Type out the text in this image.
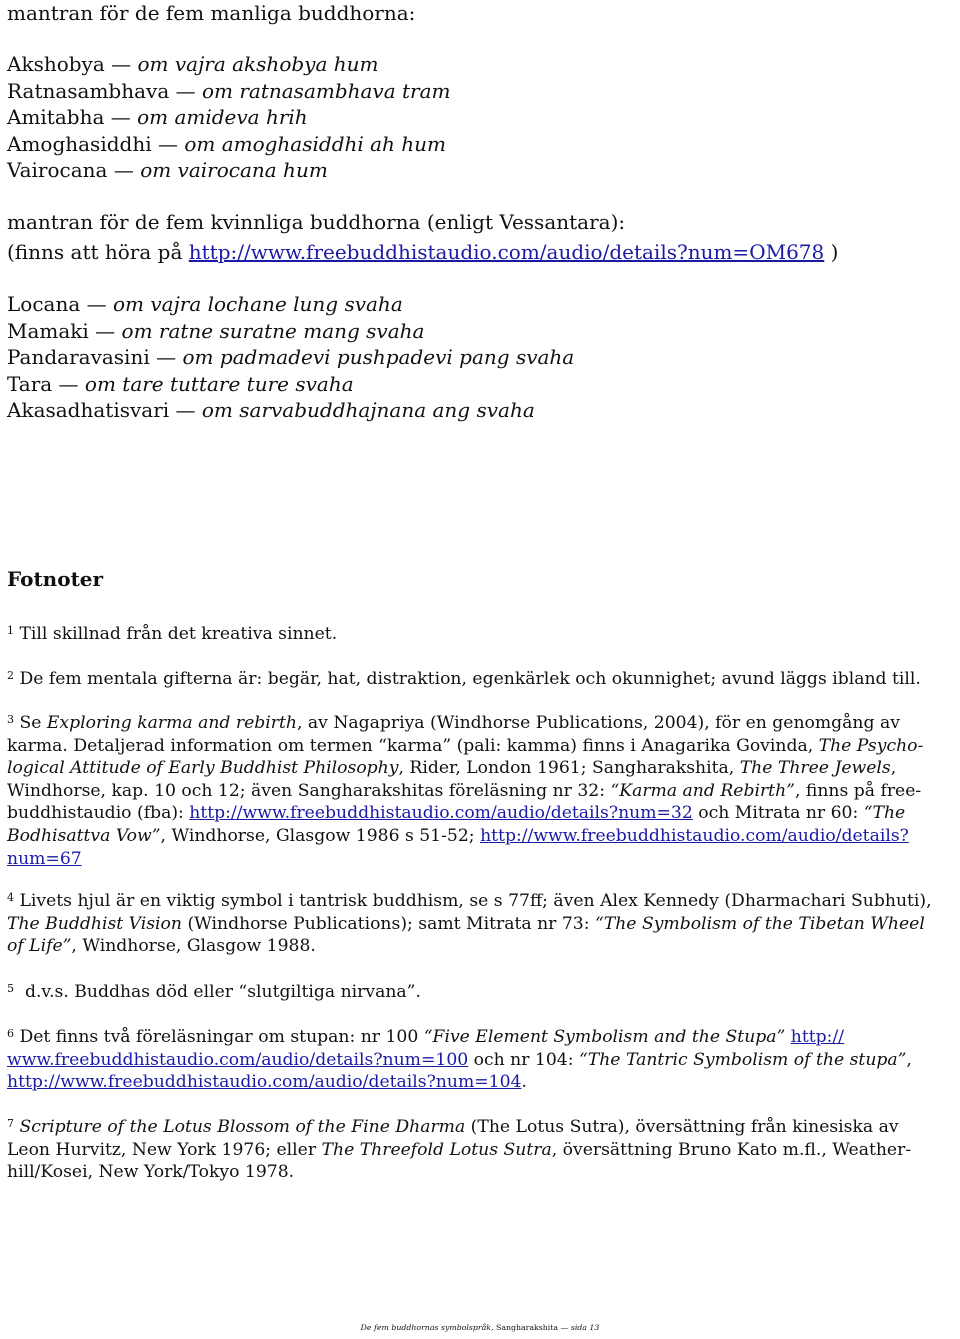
mantran för de fem manliga buddhorna:
Akshobya — om vajra akshobya hum
Ratnasambhava — om ratnasambhava tram
Amitabha — om amideva hrih
Amoghasiddhi — om amoghasiddhi ah hum
Vairocana — om vairocana hum
mantran för de fem kvinnliga buddhorna (enligt Vessantara):
(finns att höra på http://www.freebuddhistaudio.com/audio/details?num=OM678 )
Locana — om vajra lochane lung svaha
Mamaki — om ratne suratne mang svaha
Pandaravasini — om padmadevi pushpadevi pang svaha
Tara — om tare tuttare ture svaha
Akasadhatisvari — om sarvabuddhajnana ang svaha
Fotnoter

$^1$ Till skillnad från det kreativa sinnet.

$^2$ De fem mentala gifterna är: begär, hat, distraktion, egenkärlek och okunnighet; avund läggs ibland till.

$^3$ Se Exploring karma and rebirth, av Nagapriya (Windhorse Publications, 2004), för en genomgång av

karma. Detaljerad information om termen “karma” (pali: kamma) finns i Anagarika Govinda, The Psycho-

logical Attitude of Early Buddhist Philosophy, Rider, London 1961; Sangharakshita, The Three Jewels,

Windhorse, kap. 10 och 12; även Sangharakshitas föreläsning nr 32: “Karma and Rebirth”, finns på free-

buddhistaudio (fba): http://www.freebuddhistaudio.com/audio/details?num=32 och Mitrata nr 60: “The

Bodhisattva Vow”, Windhorse, Glasgow 1986 s 51-52; http://www.freebuddhistaudio.com/audio/details?

num=67

$^4$ Livets hjul är en viktig symbol i tantrisk buddhism, se s 77ff; även Alex Kennedy (Dharmachari Subhuti),

The Buddhist Vision (Windhorse Publications); samt Mitrata nr 73: “The Symbolism of the Tibetan Wheel

of Life”, Windhorse, Glasgow 1988.

$^5$ d.v.s. Buddhas död eller “slutgiltiga nirvana”.

$^6$ Det finns två föreläsningar om stupan: nr 100 “Five Element Symbolism and the Stupa” http://

www.freebuddhistaudio.com/audio/details?num=100 och nr 104: “The Tantric Symbolism of the stupa”,

http://www.freebuddhistaudio.com/audio/details?num=104.

$^7$ Scripture of the Lotus Blossom of the Fine Dharma (The Lotus Sutra), översättning från kinesiska av

Leon Hurvitz, New York 1976; eller The Threefold Lotus Sutra, översättning Bruno Kato m.fl., Weather-

hill/Kosei, New York/Tokyo 1978.

De fem buddhornas symbolspråk, Sangharakshita — sida 13
